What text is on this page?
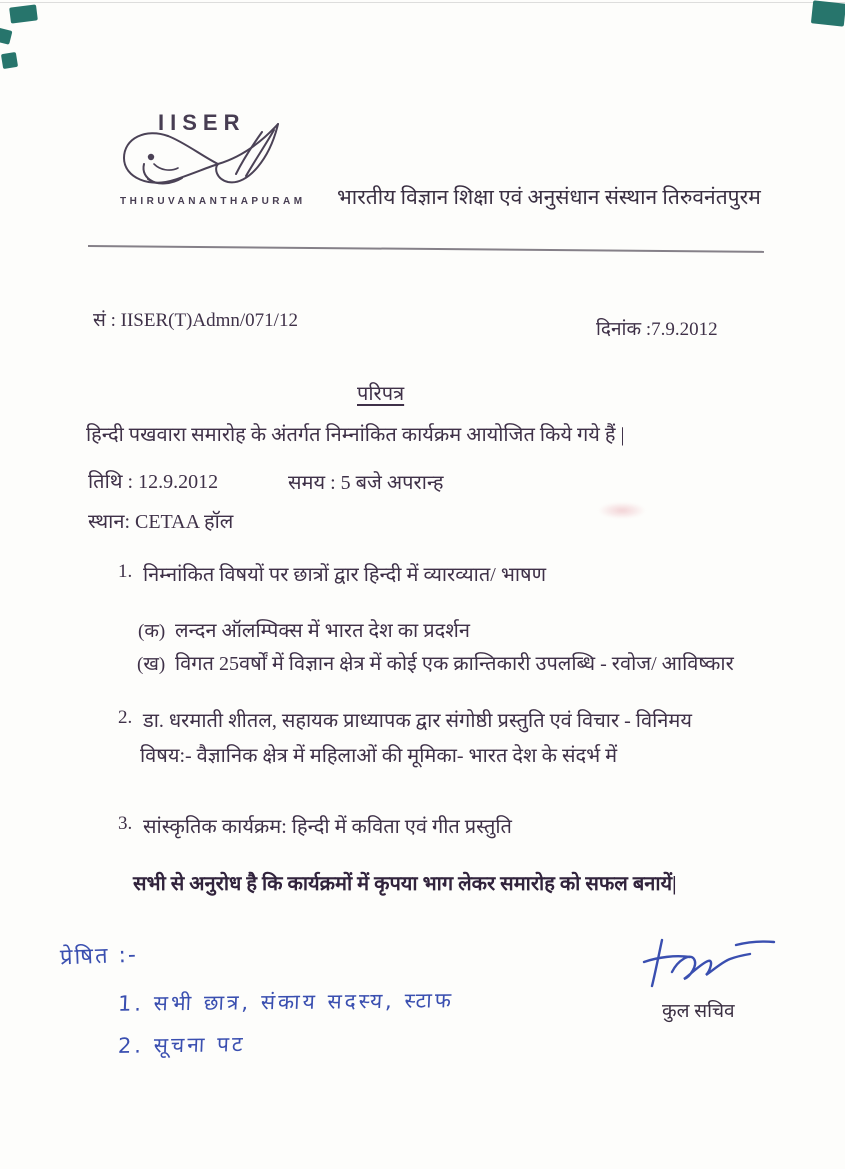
IISER
THIRUVANANTHAPURAM भारतीय विज्ञान शिक्षा एवं अनुसंधान संस्थान तिरुवनंतपुरम
सं : IISER(T)Admn/071/12	दिनांक :7.9.2012
परिपत्र
हिन्दी पखवारा समारोह के अंतर्गत निम्नांकित कार्यक्रम आयोजित किये गये हैं |
तिथि : 12.9.2012	समय : 5 बजे अपरान्ह
स्थान: CETAA हॉल
1. निम्नांकित विषयों पर छात्रों द्वार हिन्दी में व्यारव्यात/ भाषण
(क) लन्दन ऑलम्पिक्स में भारत देश का प्रदर्शन
(ख) विगत 25वर्षों में विज्ञान क्षेत्र में कोई एक क्रान्तिकारी उपलब्धि - रवोज/ आविष्कार
2. डा. धरमाती शीतल, सहायक प्राध्यापक द्वार संगोष्ठी प्रस्तुति एवं विचार - विनिमय
विषय:- वैज्ञानिक क्षेत्र में महिलाओं की मूमिका- भारत देश के संदर्भ में
3. सांस्कृतिक कार्यक्रम: हिन्दी में कविता एवं गीत प्रस्तुति
सभी से अनुरोध है कि कार्यक्रमों में कृपया भाग लेकर समारोह को सफल बनायें|
प्रेषित :-
1. सभी छात्र, संकाय सदस्य, स्टाफ
2. सूचना पट
कुल सचिव
